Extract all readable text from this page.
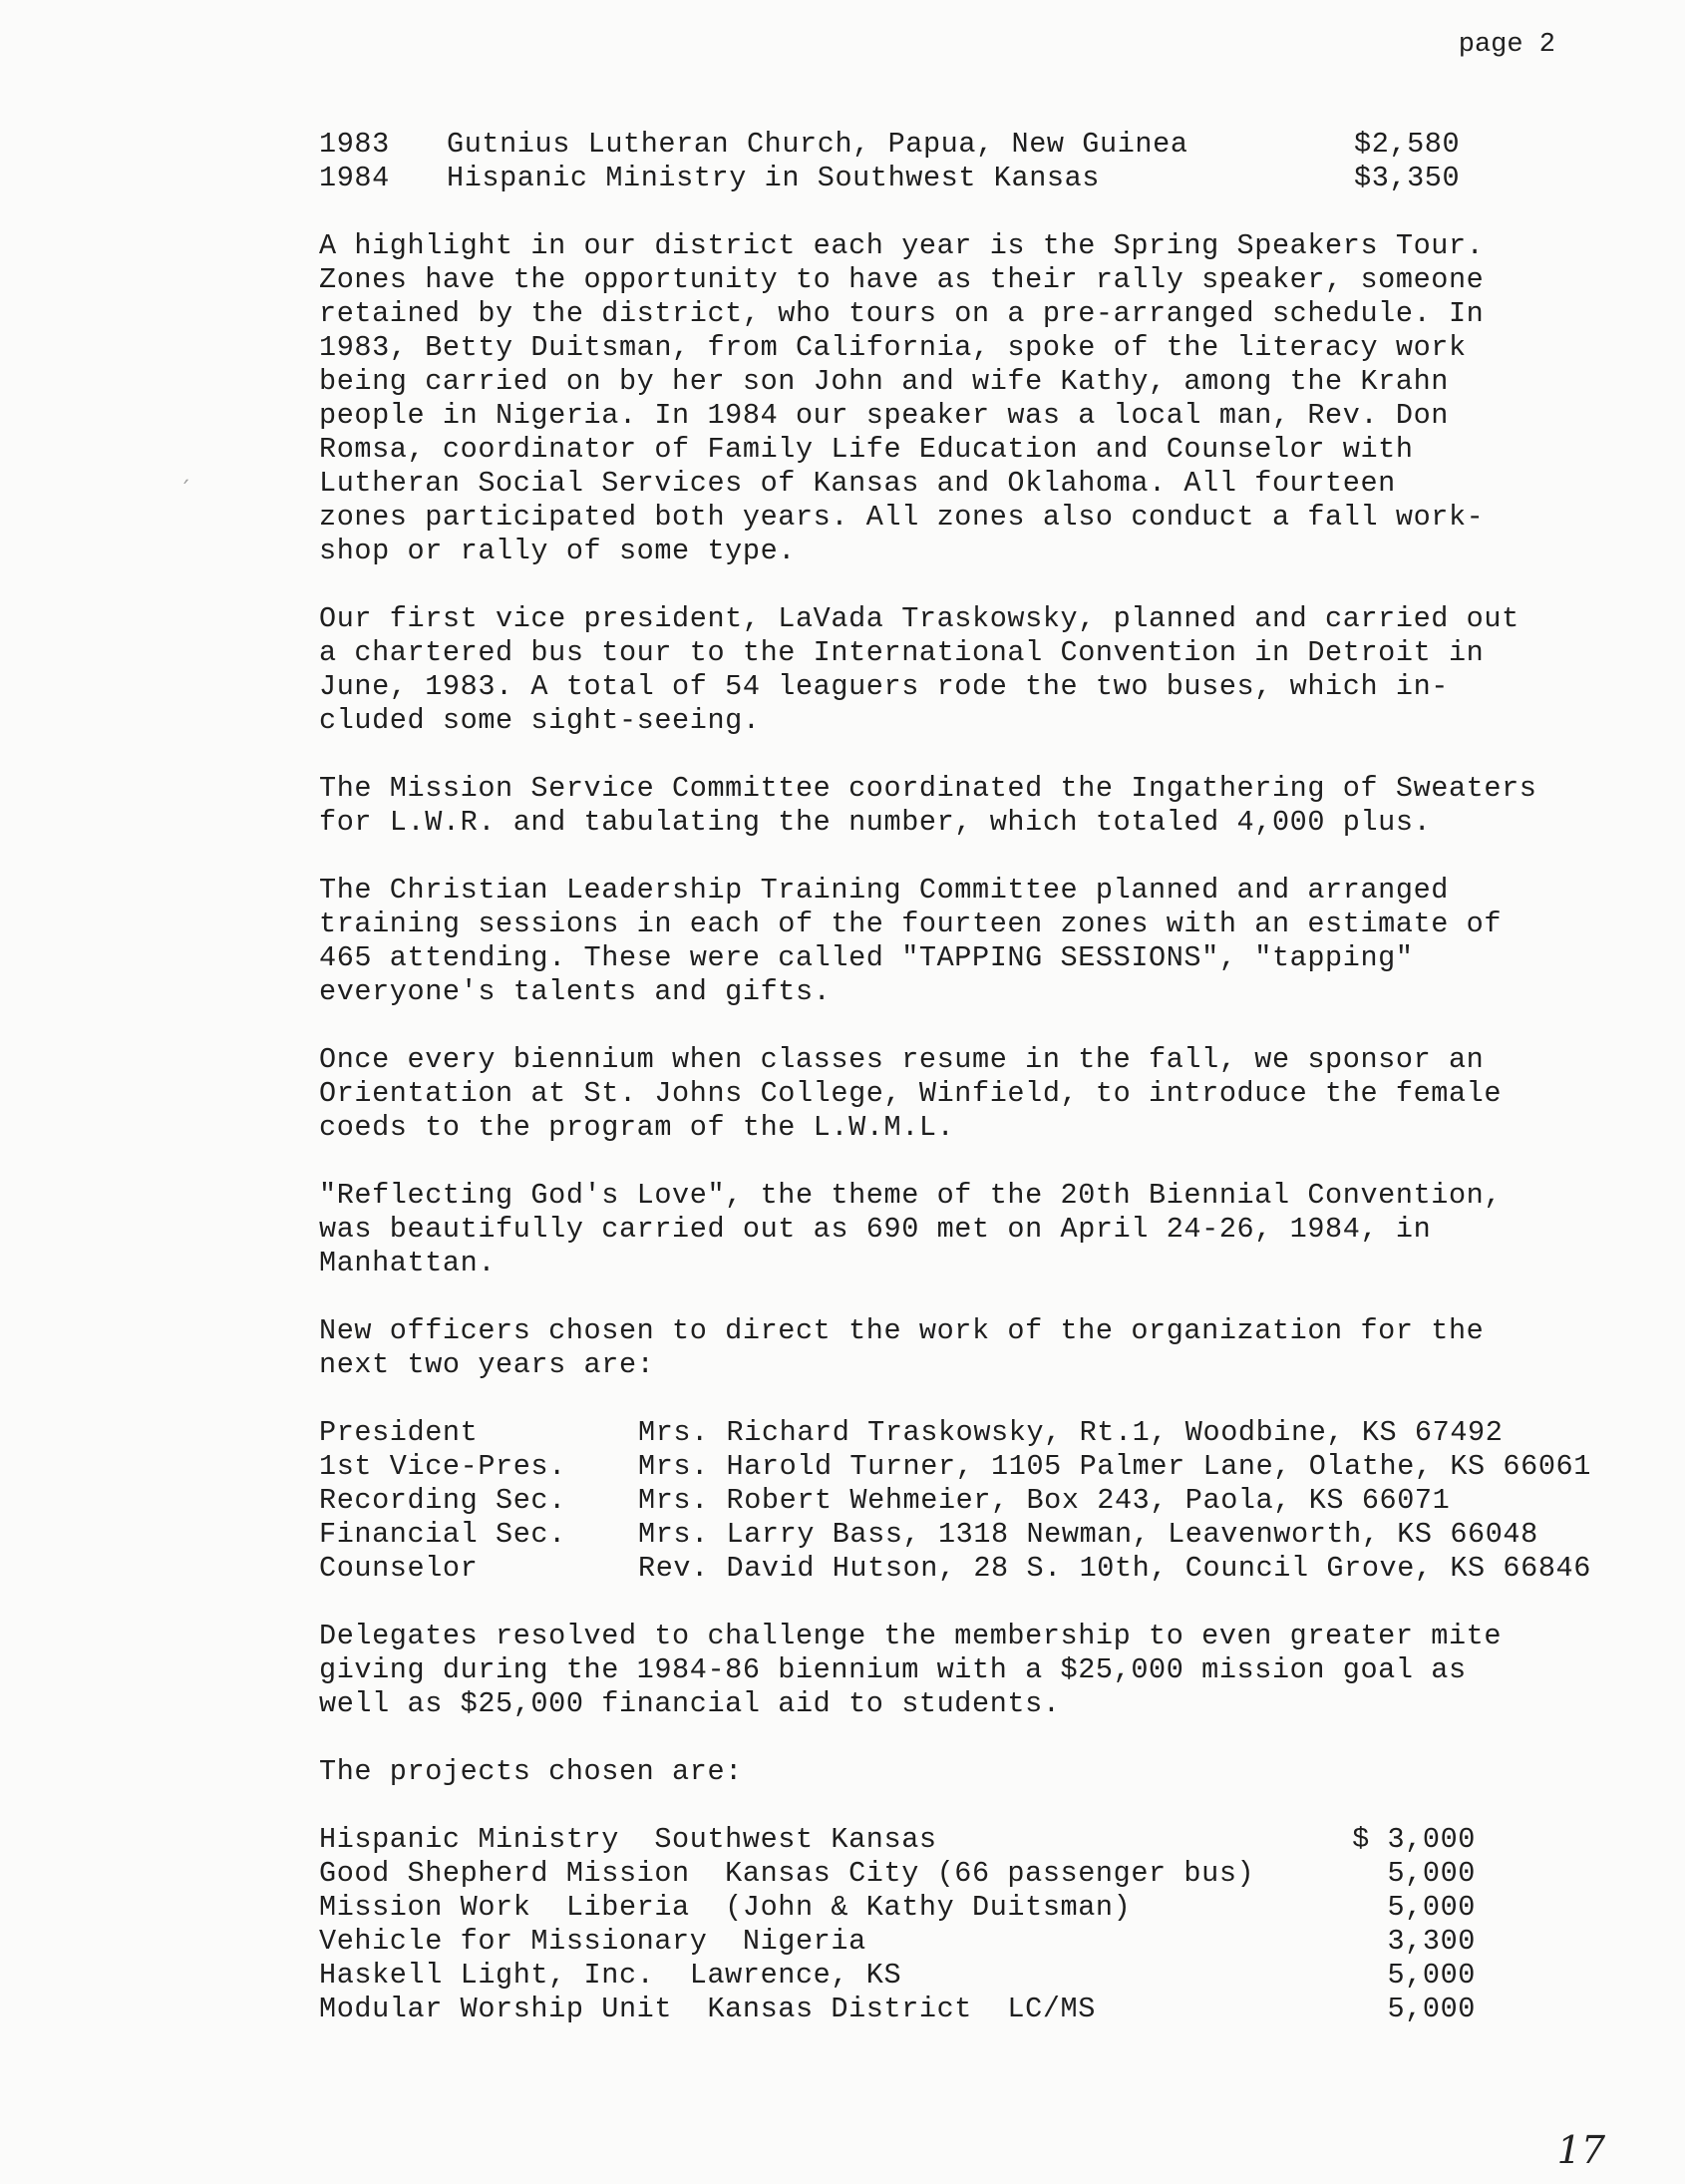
page 2
´
1983	Gutnius Lutheran Church, Papua, New Guinea	$2,580
1984	Hispanic Ministry in Southwest Kansas	$3,350

A highlight in our district each year is the Spring Speakers Tour.
Zones have the opportunity to have as their rally speaker, someone
retained by the district, who tours on a pre-arranged schedule. In
1983, Betty Duitsman, from California, spoke of the literacy work
being carried on by her son John and wife Kathy, among the Krahn
people in Nigeria. In 1984 our speaker was a local man, Rev. Don
Romsa, coordinator of Family Life Education and Counselor with
Lutheran Social Services of Kansas and Oklahoma. All fourteen
zones participated both years. All zones also conduct a fall work-
shop or rally of some type.

Our first vice president, LaVada Traskowsky, planned and carried out
a chartered bus tour to the International Convention in Detroit in
June, 1983. A total of 54 leaguers rode the two buses, which in-
cluded some sight-seeing.

The Mission Service Committee coordinated the Ingathering of Sweaters
for L.W.R. and tabulating the number, which totaled 4,000 plus.

The Christian Leadership Training Committee planned and arranged
training sessions in each of the fourteen zones with an estimate of
465 attending. These were called "TAPPING SESSIONS", "tapping"
everyone's talents and gifts.

Once every biennium when classes resume in the fall, we sponsor an
Orientation at St. Johns College, Winfield, to introduce the female
coeds to the program of the L.W.M.L.

"Reflecting God's Love", the theme of the 20th Biennial Convention,
was beautifully carried out as 690 met on April 24-26, 1984, in
Manhattan.

New officers chosen to direct the work of the organization for the
next two years are:

President	Mrs. Richard Traskowsky, Rt.1, Woodbine, KS 67492
1st Vice-Pres.	Mrs. Harold Turner, 1105 Palmer Lane, Olathe, KS 66061
Recording Sec.	Mrs. Robert Wehmeier, Box 243, Paola, KS 66071
Financial Sec.	Mrs. Larry Bass, 1318 Newman, Leavenworth, KS 66048
Counselor	Rev. David Hutson, 28 S. 10th, Council Grove, KS 66846

Delegates resolved to challenge the membership to even greater mite
giving during the 1984-86 biennium with a $25,000 mission goal as
well as $25,000 financial aid to students.

The projects chosen are:

Hispanic Ministry  Southwest Kansas	$ 3,000
Good Shepherd Mission  Kansas City (66 passenger bus)	5,000
Mission Work  Liberia  (John & Kathy Duitsman)	5,000
Vehicle for Missionary  Nigeria	3,300
Haskell Light, Inc.  Lawrence, KS	5,000
Modular Worship Unit  Kansas District  LC/MS	5,000
17
